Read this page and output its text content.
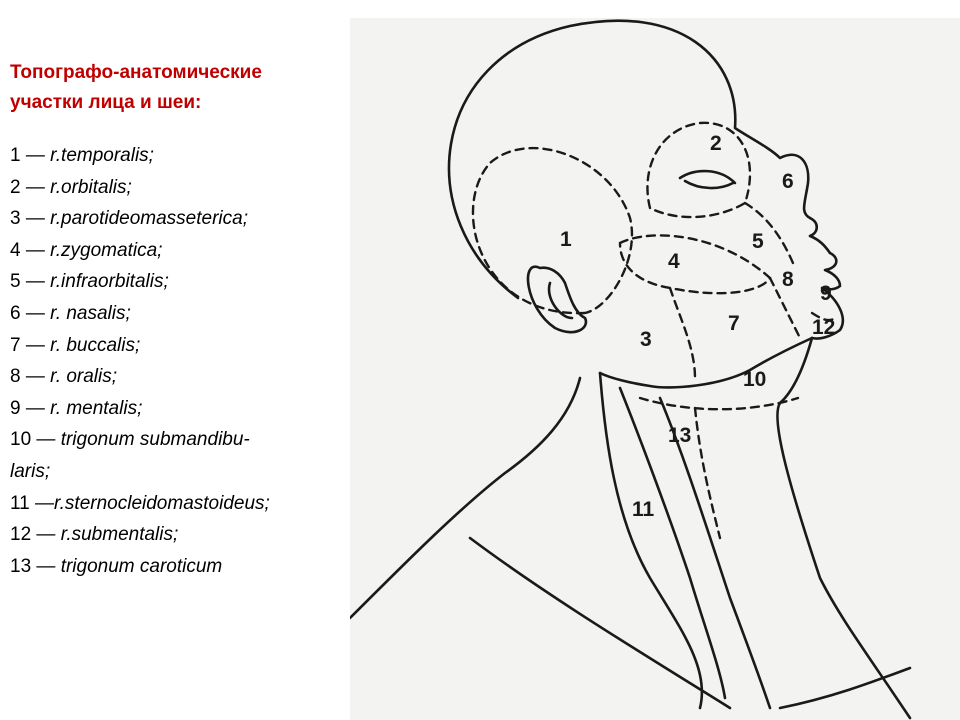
Топографо-анатомические
участки лица и шеи:
1 — r.temporalis;
2 — r.orbitalis;
3 — r.parotideomasseterica;
4 — r.zygomatica;
5 — r.infraorbitalis;
6 — r. nasalis;
7 — r. buccalis;
8 — r. oralis;
9 — r. mentalis;
10 — trigonum submandibu-
laris;
11 —r.sternocleidomastoideus;
12 — r.submentalis;
13 — trigonum caroticum
1
2
3
4
5
6
7
8
9
10
11
12
13
